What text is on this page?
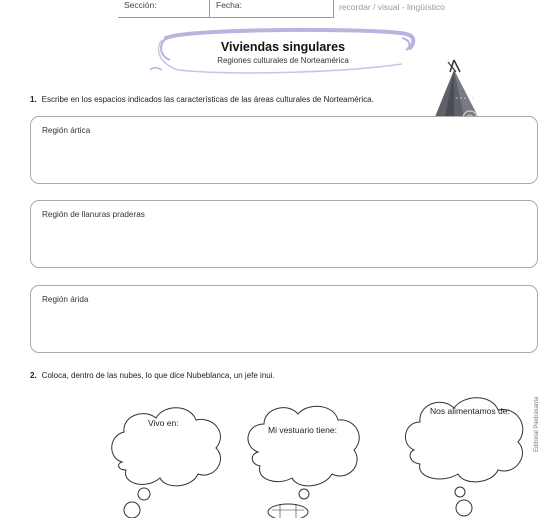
Sección:	Fecha:	recordar / visual - lingüístico
Viviendas singulares
Regiones culturales de Norteamérica
1. Escribe en los espacios indicados las características de las áreas culturales de Norteamérica.
Región ártica
Región de llanuras praderas
Región árida
2. Coloca, dentro de las nubes, lo que dice Nubeblanca, un jefe inui.
Vivo en:
Mi vestuario tiene:
Nos alimentamos de:	Editorial Piedrasanta
